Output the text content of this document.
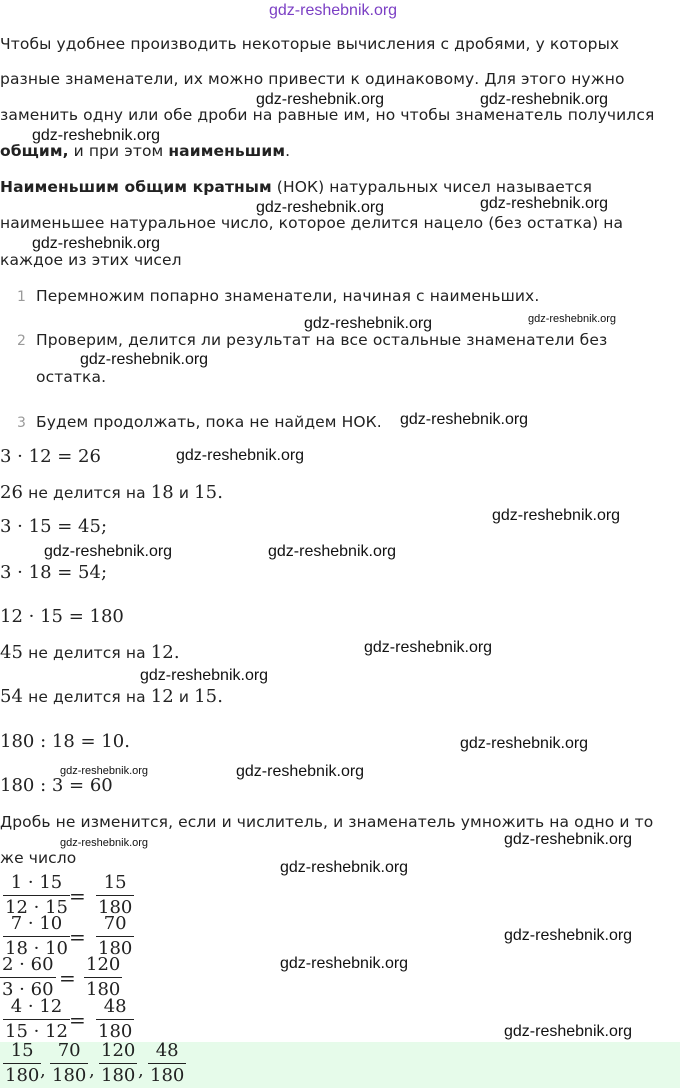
gdz-reshebnik.org
Чтобы удобнее производить некоторые вычисления с дробями, у которых
разные знаменатели, их можно привести к одинаковому. Для этого нужно
заменить одну или обе дроби на равные им, но чтобы знаменатель получился
общим, и при этом наименьшим.
Наименьшим общим кратным (НОК) натуральных чисел называется
наименьшее натуральное число, которое делится нацело (без остатка) на
каждое из этих чисел
1 Перемножим попарно знаменатели, начиная с наименьших.
2 Проверим, делится ли результат на все остальные знаменатели без
остатка.
3 Будем продолжать, пока не найдем НОК.
3 · 12 = 26
26 не делится на 18 и 15.
3 · 15 = 45;
3 · 18 = 54;
12 · 15 = 180
45 не делится на 12.
54 не делится на 12 и 15.
180 : 18 = 10.
180 : 3 = 60
Дробь не изменится, если и числитель, и знаменатель умножить на одно и то
же число
$\frac{1 \cdot 15}{12 \cdot 15} = \frac{15}{180}$
$\frac{7 \cdot 10}{18 \cdot 10} = \frac{70}{180}$
$\frac{2 \cdot 60}{3 \cdot 60} = \frac{120}{180}$
$\frac{4 \cdot 12}{15 \cdot 12} = \frac{48}{180}$
$\frac{15}{180}$
, $\frac{70}{180}$ , $\frac{120}{180}$ , $\frac{48}{180}$
gdz-reshebnik.org	gdz-reshebnik.org
gdz-reshebnik.org
gdz-reshebnik.org
gdz-reshebnik.org
gdz-reshebnik.org
gdz-reshebnik.org	gdz-reshebnik.org
gdz-reshebnik.org
gdz-reshebnik.org
gdz-reshebnik.org
gdz-reshebnik.org
gdz-reshebnik.org	gdz-reshebnik.org
gdz-reshebnik.org
gdz-reshebnik.org
gdz-reshebnik.org
gdz-reshebnik.org	gdz-reshebnik.org
gdz-reshebnik.org	gdz-reshebnik.org
gdz-reshebnik.org
gdz-reshebnik.org
gdz-reshebnik.org
gdz-reshebnik.org
